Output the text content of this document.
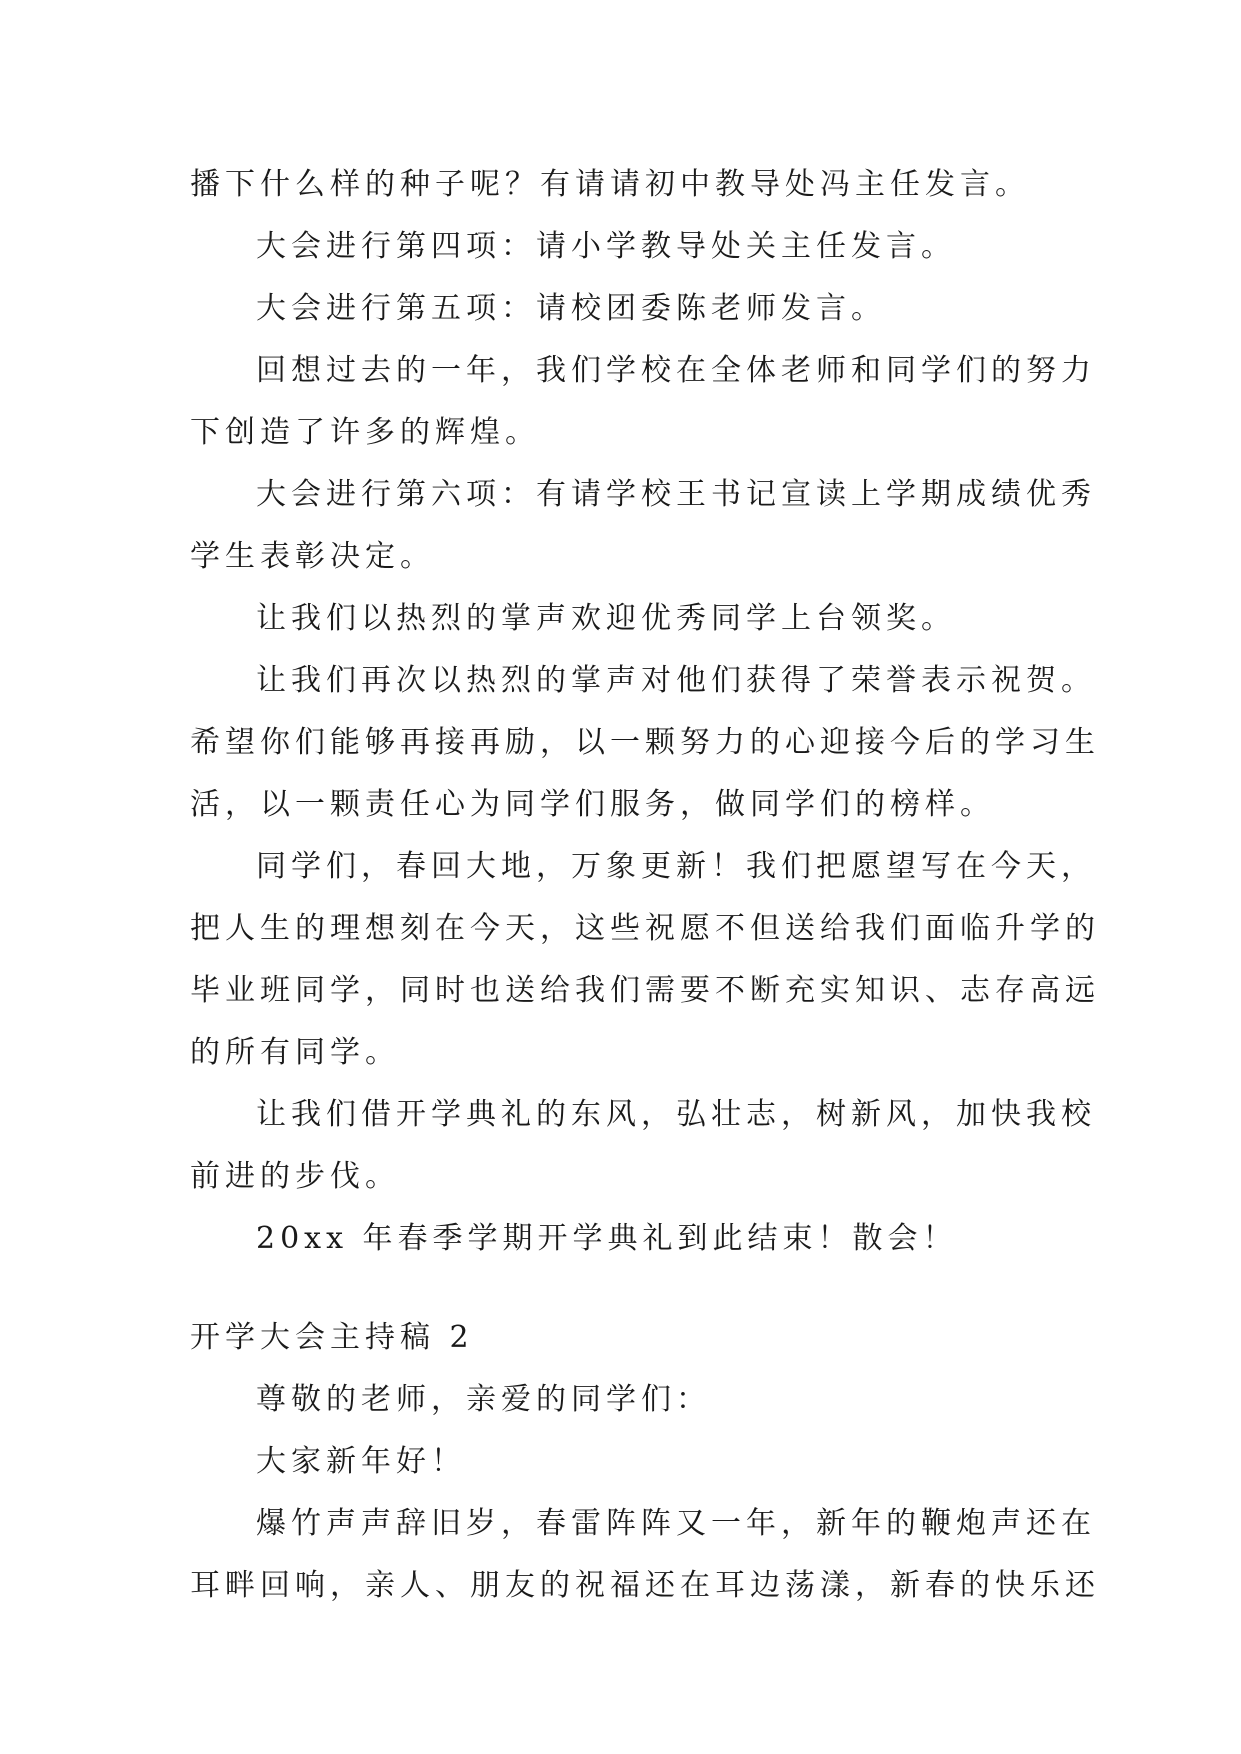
播下什么样的种子呢？有请请初中教导处冯主任发言。
大会进行第四项：请小学教导处关主任发言。
大会进行第五项：请校团委陈老师发言。
回想过去的一年，我们学校在全体老师和同学们的努力
下创造了许多的辉煌。
大会进行第六项：有请学校王书记宣读上学期成绩优秀
学生表彰决定。
让我们以热烈的掌声欢迎优秀同学上台领奖。
让我们再次以热烈的掌声对他们获得了荣誉表示祝贺。
希望你们能够再接再励，以一颗努力的心迎接今后的学习生
活，以一颗责任心为同学们服务，做同学们的榜样。
同学们，春回大地，万象更新！我们把愿望写在今天，
把人生的理想刻在今天，这些祝愿不但送给我们面临升学的
毕业班同学，同时也送给我们需要不断充实知识、志存高远
的所有同学。
让我们借开学典礼的东风，弘壮志，树新风，加快我校
前进的步伐。
20xx 年春季学期开学典礼到此结束！散会！
开学大会主持稿 2
尊敬的老师，亲爱的同学们：
大家新年好！
爆竹声声辞旧岁，春雷阵阵又一年，新年的鞭炮声还在
耳畔回响，亲人、朋友的祝福还在耳边荡漾，新春的快乐还
